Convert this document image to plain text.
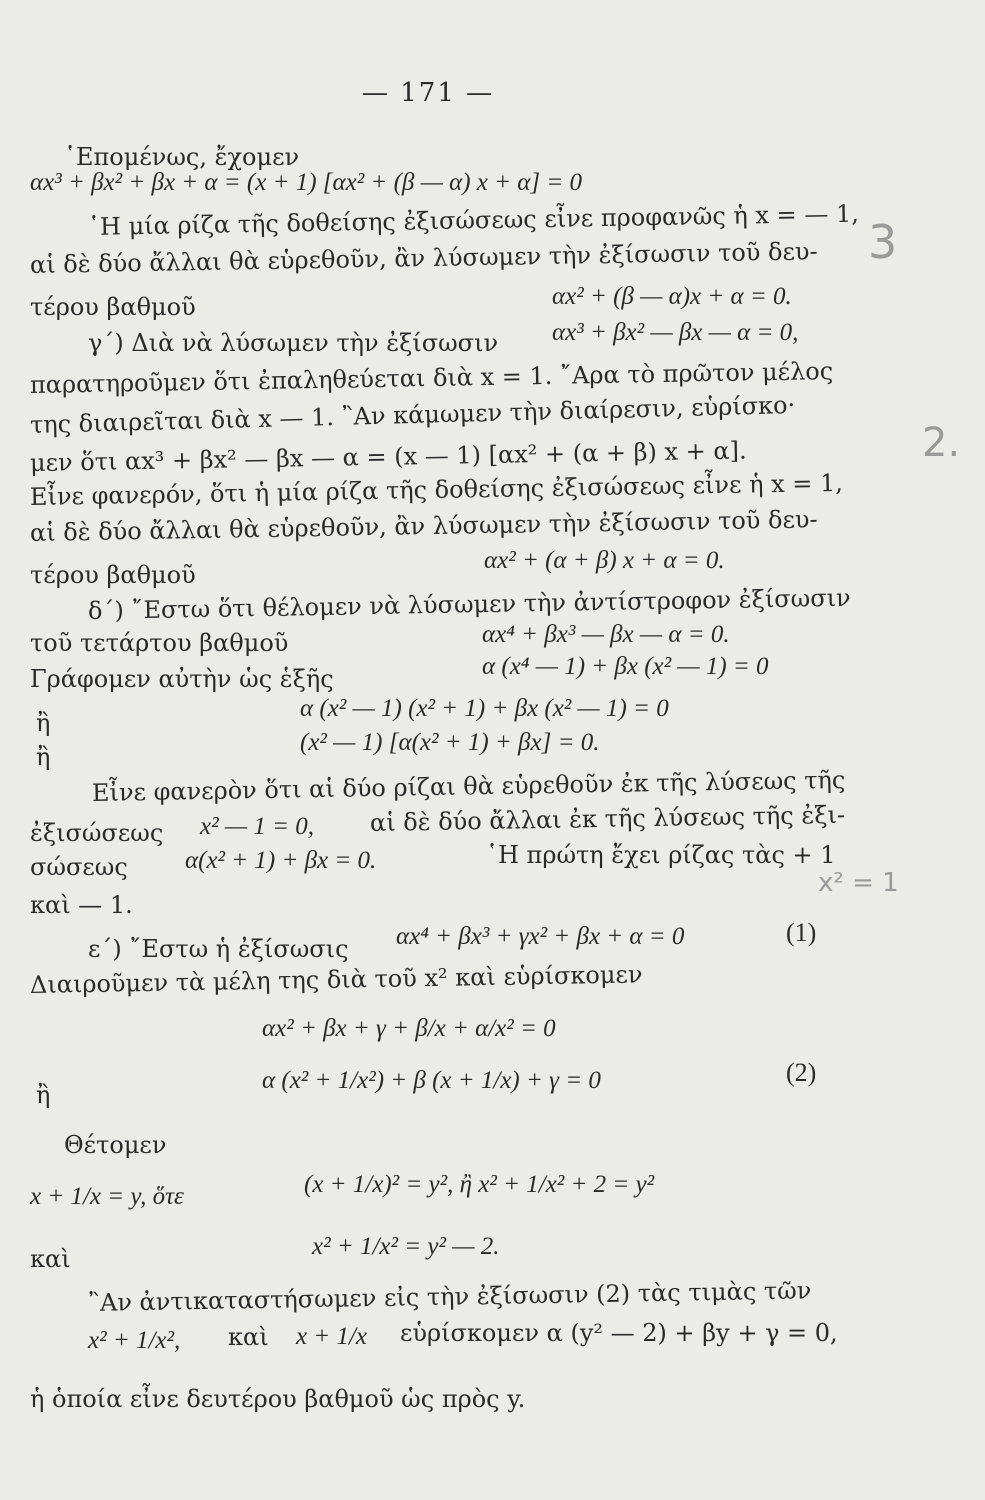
— 171 —
3
2.
x² = 1
῾Επομένως, ἔχομεν
αx³ + βx² + βx + α = (x + 1) [αx² + (β — α) x + α] = 0
῾Η μία ρίζα τῆς δοθείσης ἐξισώσεως εἶνε προφανῶς ἡ x = — 1,
αἱ δὲ δύο ἄλλαι θὰ εὑρεθοῦν, ἂν λύσωμεν τὴν ἐξίσωσιν τοῦ δευ-
τέρου βαθμοῦ	αx² + (β — α)x + α = 0.
γ΄) Διὰ νὰ λύσωμεν τὴν ἐξίσωσιν αx³ + βx² — βx — α = 0,
παρατηροῦμεν ὅτι ἐπαληθεύεται διὰ x = 1. ῎Αρα τὸ πρῶτον μέλος
της διαιρεῖται διὰ x — 1. ῍Αν κάμωμεν τὴν διαίρεσιν, εὑρίσκο·
μεν ὅτι αx³ + βx² — βx — α = (x — 1) [αx² + (α + β) x + α].
Εἶνε φανερόν, ὅτι ἡ μία ρίζα τῆς δοθείσης ἐξισώσεως εἶνε ἡ x = 1,
αἱ δὲ δύο ἄλλαι θὰ εὑρεθοῦν, ἂν λύσωμεν τὴν ἐξίσωσιν τοῦ δευ-
τέρου βαθμοῦ
αx² + (α + β) x + α = 0.
δ΄) ῎Εστω ὅτι θέλομεν νὰ λύσωμεν τὴν ἀντίστροφον ἐξίσωσιν
τοῦ τετάρτου βαθμοῦ	αx⁴ + βx³ — βx — α = 0.
Γράφομεν αὐτὴν ὡς ἑξῆς	α (x⁴ — 1) + βx (x² — 1) = 0
ἢ
α (x² — 1) (x² + 1) + βx (x² — 1) = 0
ἢ
(x² — 1) [α(x² + 1) + βx] = 0.
Εἶνε φανερὸν ὅτι αἱ δύο ρίζαι θὰ εὑρεθοῦν ἐκ τῆς λύσεως τῆς
ἐξισώσεως x² — 1 = 0, αἱ δὲ δύο ἄλλαι ἐκ τῆς λύσεως τῆς ἐξι-
σώσεως α(x² + 1) + βx = 0.	῾Η πρώτη ἔχει ρίζας τὰς + 1
καὶ — 1.
ε΄) ῎Εστω ἡ ἐξίσωσις αx⁴ + βx³ + γx² + βx + α = 0	(1)
Διαιροῦμεν τὰ μέλη της διὰ τοῦ x² καὶ εὑρίσκομεν
αx² + βx + γ + β/x + α/x² = 0
ἢ
α (x² + 1/x²) + β (x + 1/x) + γ = 0	(2)
Θέτομεν
x + 1/x = y, ὅτε	(x + 1/x)² = y², ἢ x² + 1/x² + 2 = y²
καὶ	x² + 1/x² = y² — 2.
῍Αν ἀντικαταστήσωμεν εἰς τὴν ἐξίσωσιν (2) τὰς τιμὰς τῶν
x² + 1/x², καὶ x + 1/x εὑρίσκομεν α (y² — 2) + βy + γ = 0,
ἡ ὁποία εἶνε δευτέρου βαθμοῦ ὡς πρὸς y.
